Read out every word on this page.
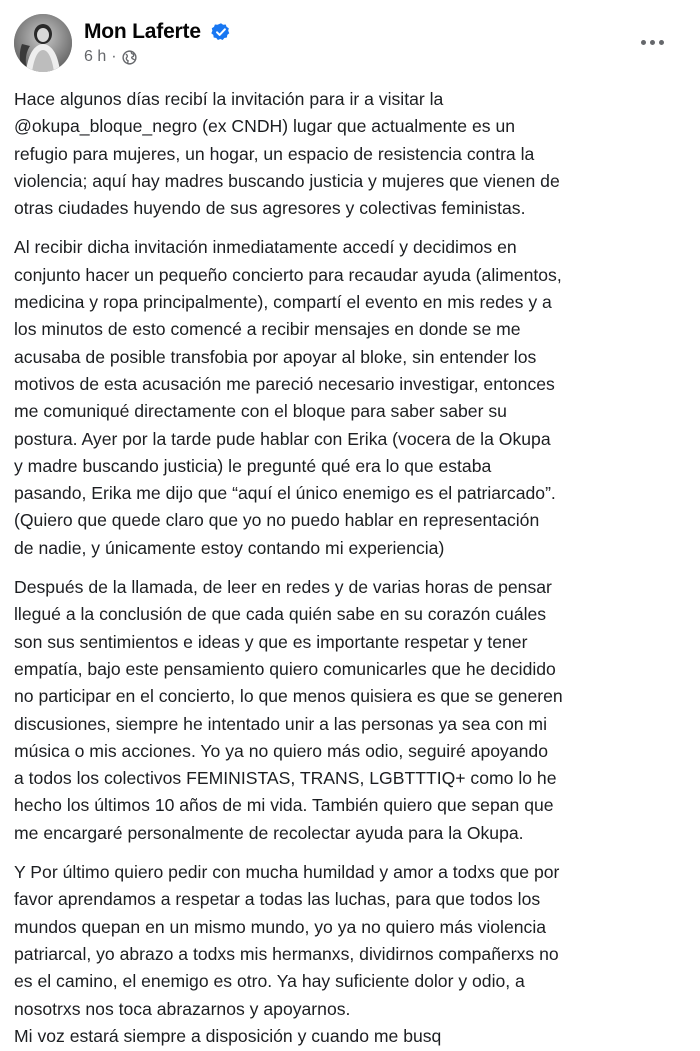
Mon Laferte
6 h ·

Hace algunos días recibí la invitación para ir a visitar la
@okupa_bloque_negro (ex CNDH) lugar que actualmente es un
refugio para mujeres, un hogar, un espacio de resistencia contra la
violencia; aquí hay madres buscando justicia y mujeres que vienen de
otras ciudades huyendo de sus agresores y colectivas feministas.

Al recibir dicha invitación inmediatamente accedí y decidimos en
conjunto hacer un pequeño concierto para recaudar ayuda (alimentos,
medicina y ropa principalmente), compartí el evento en mis redes y a
los minutos de esto comencé a recibir mensajes en donde se me
acusaba de posible transfobia por apoyar al bloke, sin entender los
motivos de esta acusación me pareció necesario investigar, entonces
me comuniqué directamente con el bloque para saber saber su
postura. Ayer por la tarde pude hablar con Erika (vocera de la Okupa
y madre buscando justicia) le pregunté qué era lo que estaba
pasando, Erika me dijo que “aquí el único enemigo es el patriarcado”.
(Quiero que quede claro que yo no puedo hablar en representación
de nadie, y únicamente estoy contando mi experiencia)

Después de la llamada, de leer en redes y de varias horas de pensar
llegué a la conclusión de que cada quién sabe en su corazón cuáles
son sus sentimientos e ideas y que es importante respetar y tener
empatía, bajo este pensamiento quiero comunicarles que he decidido
no participar en el concierto, lo que menos quisiera es que se generen
discusiones, siempre he intentado unir a las personas ya sea con mi
música o mis acciones. Yo ya no quiero más odio, seguiré apoyando
a todos los colectivos FEMINISTAS, TRANS, LGBTTTIQ+ como lo he
hecho los últimos 10 años de mi vida. También quiero que sepan que
me encargaré personalmente de recolectar ayuda para la Okupa.

Y Por último quiero pedir con mucha humildad y amor a todxs que por
favor aprendamos a respetar a todas las luchas, para que todos los
mundos quepan en un mismo mundo, yo ya no quiero más violencia
patriarcal, yo abrazo a todxs mis hermanxs, dividirnos compañerxs no
es el camino, el enemigo es otro. Ya hay suficiente dolor y odio, a
nosotrxs nos toca abrazarnos y apoyarnos.
Mi voz estará siempre a disposición y cuando me busq
